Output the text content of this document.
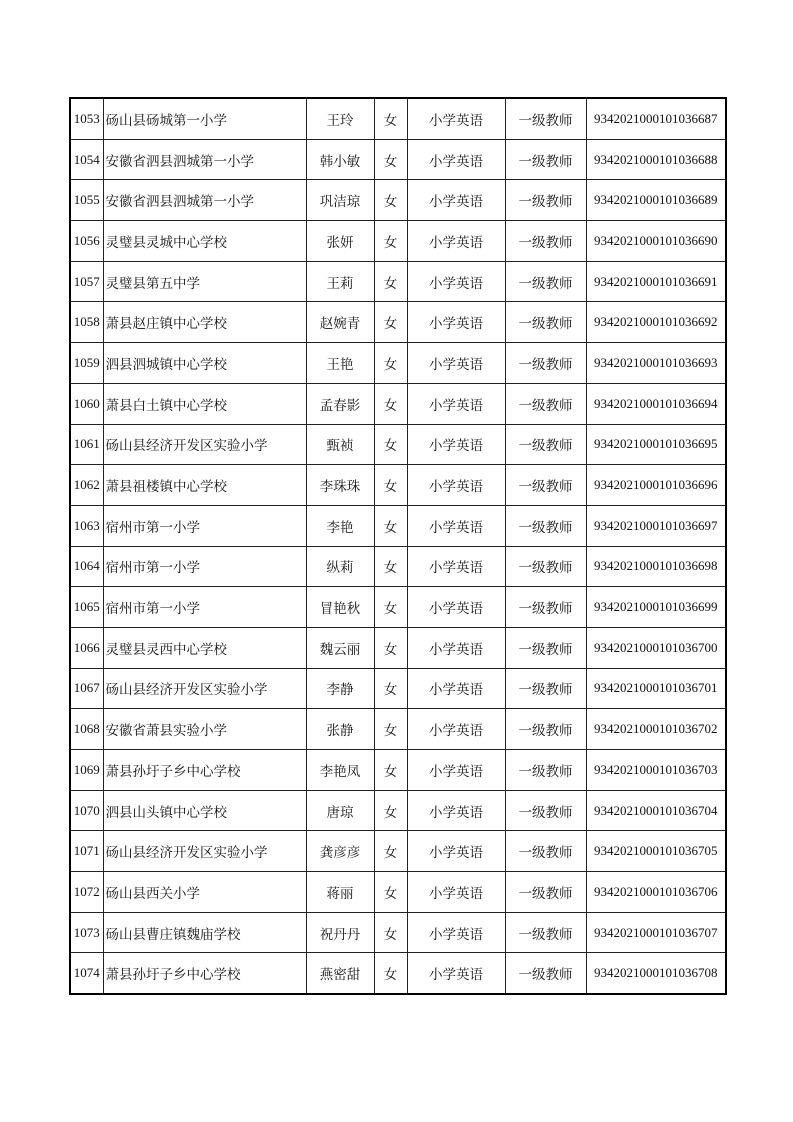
1053	砀山县砀城第一小学	王玲	女	小学英语	一级教师	9342021000101036687
1054	安徽省泗县泗城第一小学	韩小敏	女	小学英语	一级教师	9342021000101036688
1055	安徽省泗县泗城第一小学	巩洁琼	女	小学英语	一级教师	9342021000101036689
1056	灵璧县灵城中心学校	张妍	女	小学英语	一级教师	9342021000101036690
1057	灵璧县第五中学	王莉	女	小学英语	一级教师	9342021000101036691
1058	萧县赵庄镇中心学校	赵婉青	女	小学英语	一级教师	9342021000101036692
1059	泗县泗城镇中心学校	王艳	女	小学英语	一级教师	9342021000101036693
1060	萧县白土镇中心学校	孟春影	女	小学英语	一级教师	9342021000101036694
1061	砀山县经济开发区实验小学	甄祯	女	小学英语	一级教师	9342021000101036695
1062	萧县祖楼镇中心学校	李珠珠	女	小学英语	一级教师	9342021000101036696
1063	宿州市第一小学	李艳	女	小学英语	一级教师	9342021000101036697
1064	宿州市第一小学	纵莉	女	小学英语	一级教师	9342021000101036698
1065	宿州市第一小学	冒艳秋	女	小学英语	一级教师	9342021000101036699
1066	灵璧县灵西中心学校	魏云丽	女	小学英语	一级教师	9342021000101036700
1067	砀山县经济开发区实验小学	李静	女	小学英语	一级教师	9342021000101036701
1068	安徽省萧县实验小学	张静	女	小学英语	一级教师	9342021000101036702
1069	萧县孙圩子乡中心学校	李艳凤	女	小学英语	一级教师	9342021000101036703
1070	泗县山头镇中心学校	唐琼	女	小学英语	一级教师	9342021000101036704
1071	砀山县经济开发区实验小学	龚彦彦	女	小学英语	一级教师	9342021000101036705
1072	砀山县西关小学	蒋丽	女	小学英语	一级教师	9342021000101036706
1073	砀山县曹庄镇魏庙学校	祝丹丹	女	小学英语	一级教师	9342021000101036707
1074	萧县孙圩子乡中心学校	燕密甜	女	小学英语	一级教师	9342021000101036708
